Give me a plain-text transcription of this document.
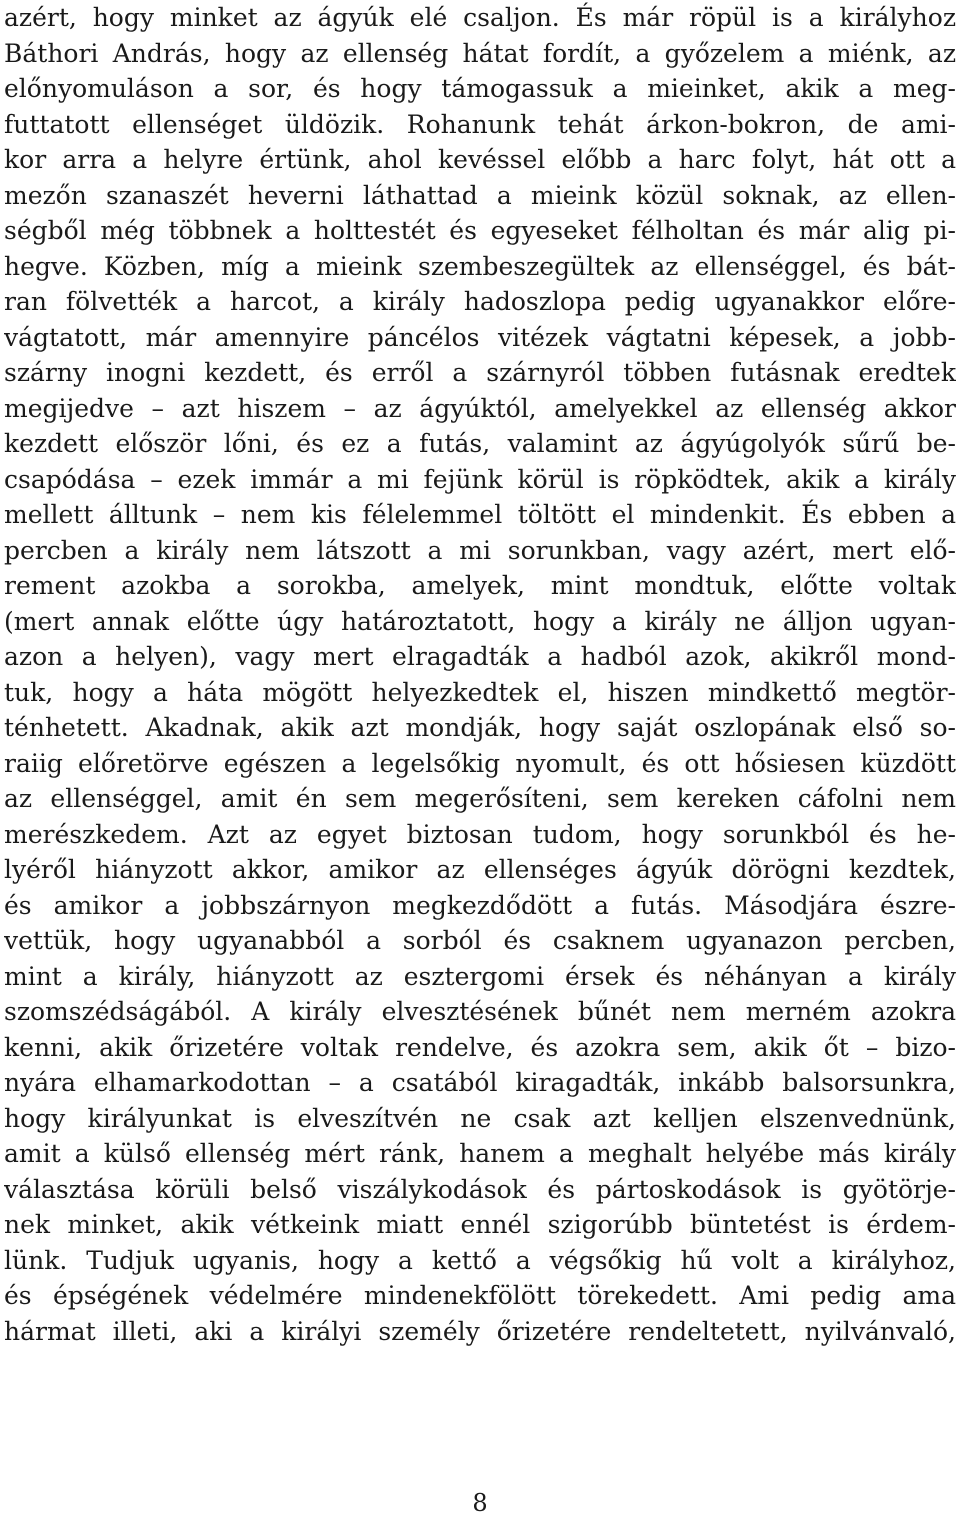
azért, hogy minket az ágyúk elé csaljon. És már röpül is a királyhoz
Báthori András, hogy az ellenség hátat fordít, a győzelem a miénk, az
előnyomuláson a sor, és hogy támogassuk a mieinket, akik a meg-
futtatott ellenséget üldözik. Rohanunk tehát árkon-bokron, de ami-
kor arra a helyre értünk, ahol kevéssel előbb a harc folyt, hát ott a
mezőn szanaszét heverni láthattad a mieink közül soknak, az ellen-
ségből még többnek a holttestét és egyeseket félholtan és már alig pi-
hegve. Közben, míg a mieink szembeszegültek az ellenséggel, és bát-
ran fölvették a harcot, a király hadoszlopa pedig ugyanakkor előre-
vágtatott, már amennyire páncélos vitézek vágtatni képesek, a jobb-
szárny inogni kezdett, és erről a szárnyról többen futásnak eredtek
megijedve – azt hiszem – az ágyúktól, amelyekkel az ellenség akkor
kezdett először lőni, és ez a futás, valamint az ágyúgolyók sűrű be-
csapódása – ezek immár a mi fejünk körül is röpködtek, akik a király
mellett álltunk – nem kis félelemmel töltött el mindenkit. És ebben a
percben a király nem látszott a mi sorunkban, vagy azért, mert elő-
rement azokba a sorokba, amelyek, mint mondtuk, előtte voltak
(mert annak előtte úgy határoztatott, hogy a király ne álljon ugyan-
azon a helyen), vagy mert elragadták a hadból azok, akikről mond-
tuk, hogy a háta mögött helyezkedtek el, hiszen mindkettő megtör-
ténhetett. Akadnak, akik azt mondják, hogy saját oszlopának első so-
raiig előretörve egészen a legelsőkig nyomult, és ott hősiesen küzdött
az ellenséggel, amit én sem megerősíteni, sem kereken cáfolni nem
merészkedem. Azt az egyet biztosan tudom, hogy sorunkból és he-
lyéről hiányzott akkor, amikor az ellenséges ágyúk dörögni kezdtek,
és amikor a jobbszárnyon megkezdődött a futás. Másodjára észre-
vettük, hogy ugyanabból a sorból és csaknem ugyanazon percben,
mint a király, hiányzott az esztergomi érsek és néhányan a király
szomszédságából. A király elvesztésének bűnét nem merném azokra
kenni, akik őrizetére voltak rendelve, és azokra sem, akik őt – bizo-
nyára elhamarkodottan – a csatából kiragadták, inkább balsorsunkra,
hogy királyunkat is elveszítvén ne csak azt kelljen elszenvednünk,
amit a külső ellenség mért ránk, hanem a meghalt helyébe más király
választása körüli belső viszálykodások és pártoskodások is gyötörje-
nek minket, akik vétkeink miatt ennél szigorúbb büntetést is érdem-
lünk. Tudjuk ugyanis, hogy a kettő a végsőkig hű volt a királyhoz,
és épségének védelmére mindenekfölött törekedett. Ami pedig ama
hármat illeti, aki a királyi személy őrizetére rendeltetett, nyilvánvaló,
8
